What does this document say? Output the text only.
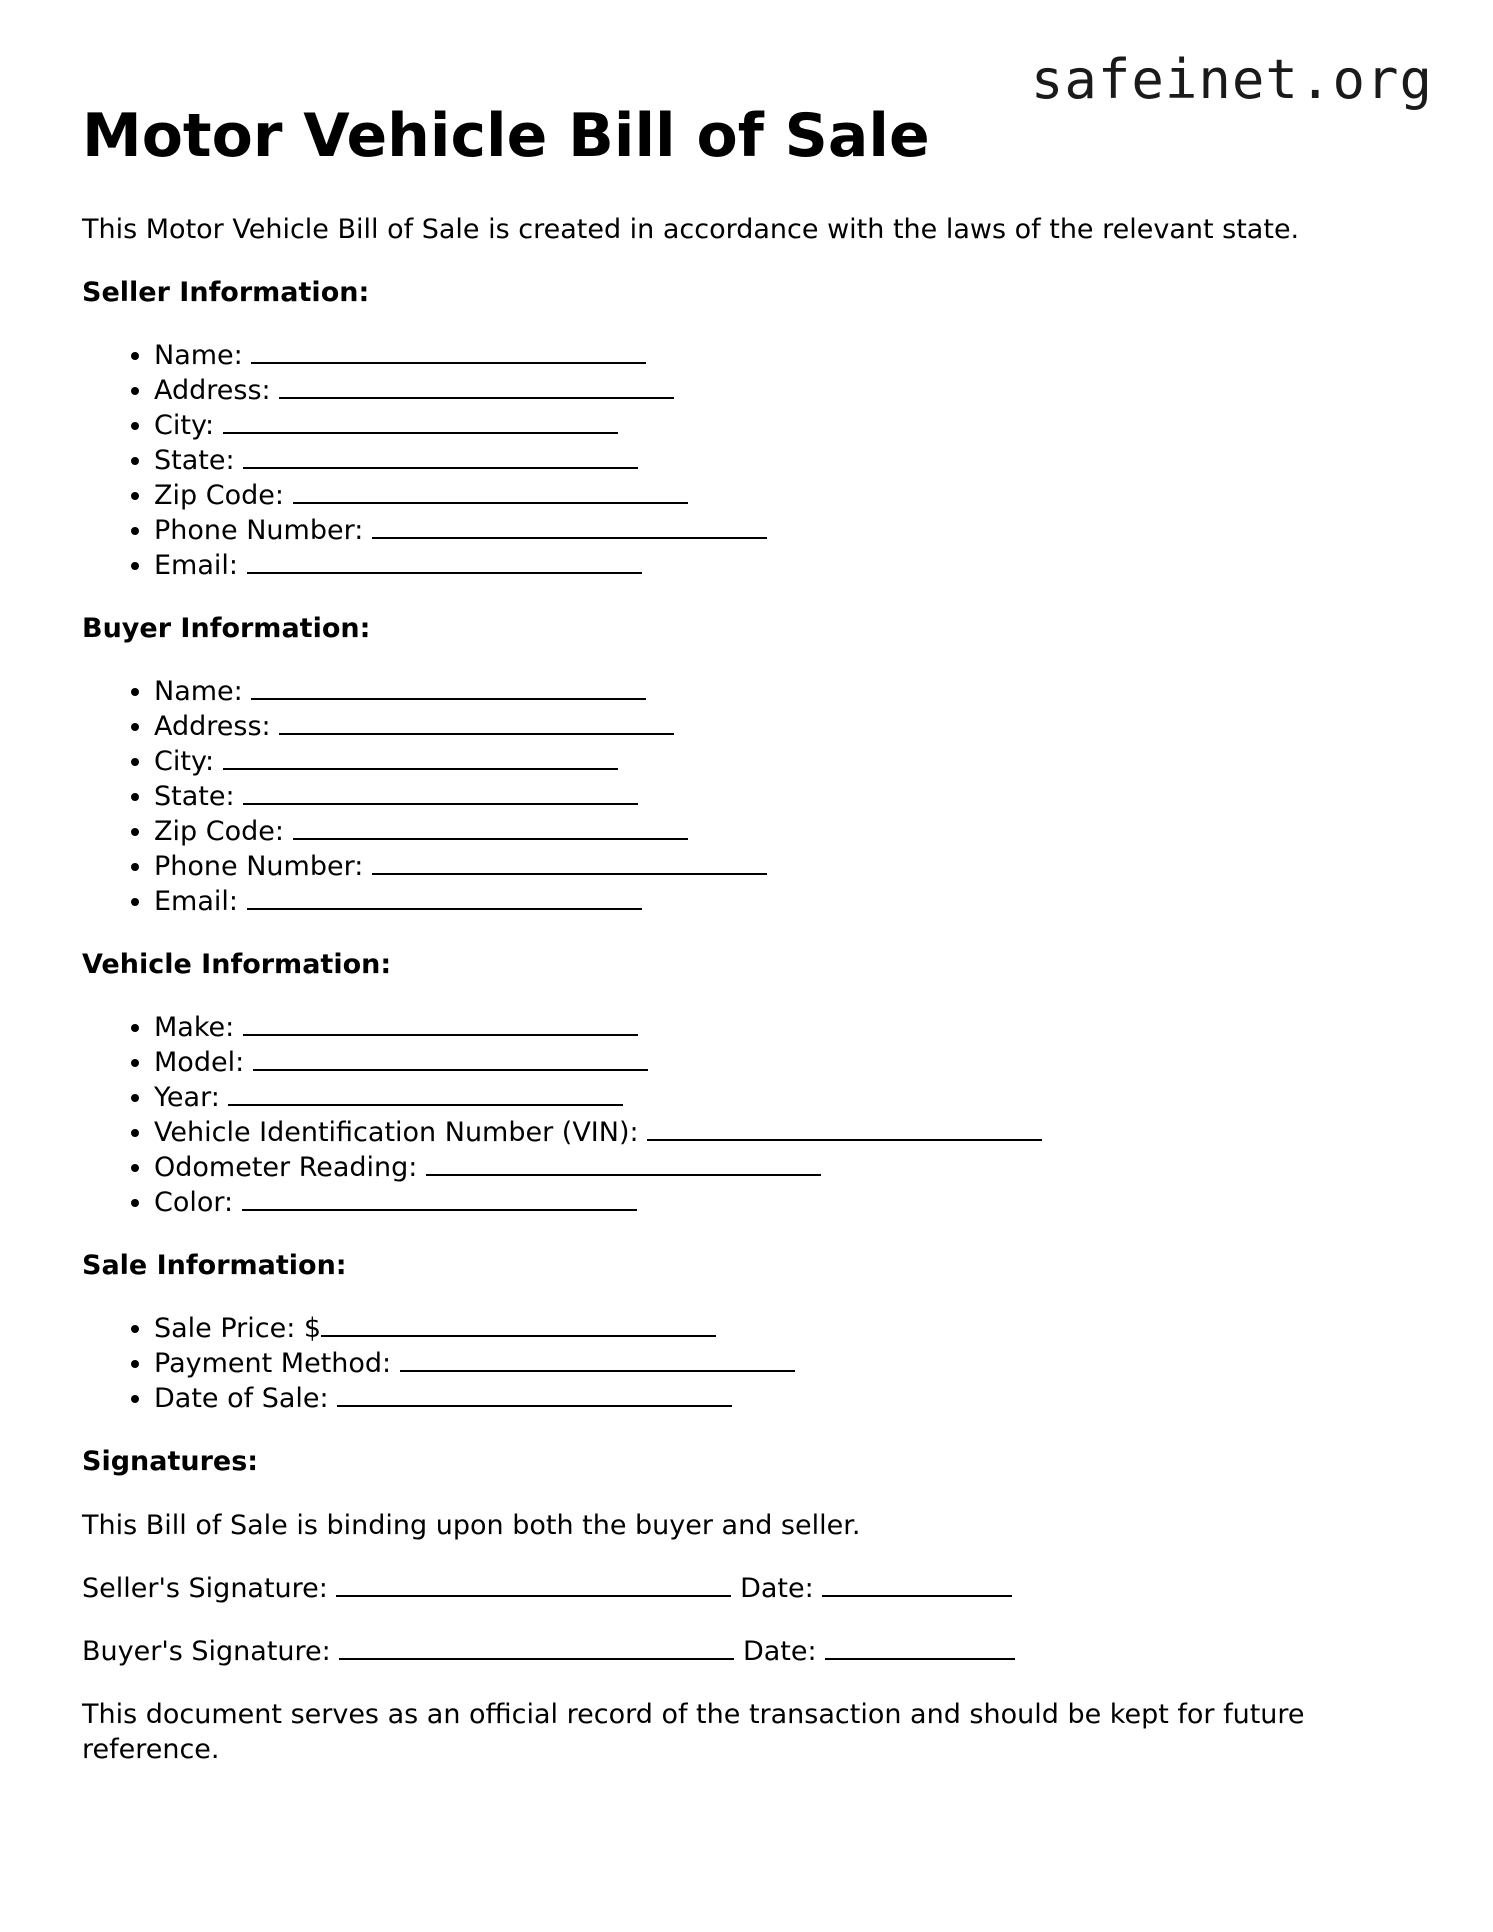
safeinet.org
Motor Vehicle Bill of Sale

This Motor Vehicle Bill of Sale is created in accordance with the laws of the relevant state.

Seller Information:
• Name:
• Address:
• City:
• State:
• Zip Code:
• Phone Number:
• Email:
Buyer Information:
• Name:
• Address:
• City:
• State:
• Zip Code:
• Phone Number:
• Email:
Vehicle Information:
• Make:
• Model:
• Year:
• Vehicle Identification Number (VIN):
• Odometer Reading:
• Color:
Sale Information:
• Sale Price: $
• Payment Method:
• Date of Sale:
Signatures:

This Bill of Sale is binding upon both the buyer and seller.

Seller's Signature:	Date:

Buyer's Signature:	Date:

This document serves as an official record of the transaction and should be kept for future reference.
